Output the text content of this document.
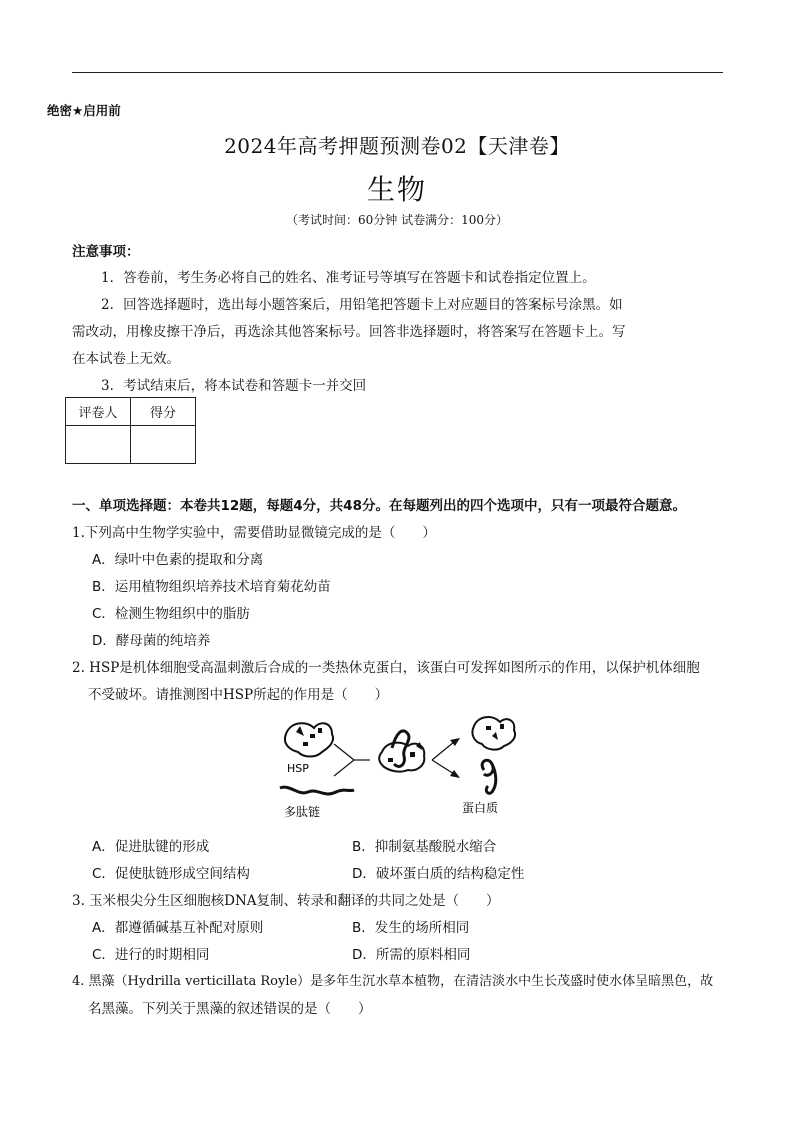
绝密★启用前
2024年高考押题预测卷02【天津卷】
生物
（考试时间：60分钟 试卷满分：100分）
注意事项：
1．答卷前，考生务必将自己的姓名、准考证号等填写在答题卡和试卷指定位置上。
2．回答选择题时，选出每小题答案后，用铅笔把答题卡上对应题目的答案标号涂黑。如
需改动，用橡皮擦干净后，再选涂其他答案标号。回答非选择题时，将答案写在答题卡上。写
在本试卷上无效。
3．考试结束后，将本试卷和答题卡一并交回
评卷人	得分

一、单项选择题：本卷共12题，每题4分，共48分。在每题列出的四个选项中，只有一项最符合题意。
1.下列高中生物学实验中，需要借助显微镜完成的是（　　）
A．绿叶中色素的提取和分离
B．运用植物组织培养技术培育菊花幼苗
C．检测生物组织中的脂肪
D．酵母菌的纯培养
2. HSP是机体细胞受高温刺激后合成的一类热休克蛋白，该蛋白可发挥如图所示的作用，以保护机体细胞
不受破坏。请推测图中HSP所起的作用是（　　）
HSP
多肽链	蛋白质
A．促进肽键的形成	B．抑制氨基酸脱水缩合
C．促使肽链形成空间结构	D．破坏蛋白质的结构稳定性
3. 玉米根尖分生区细胞核DNA复制、转录和翻译的共同之处是（　　）
A．都遵循碱基互补配对原则	B．发生的场所相同
C．进行的时期相同	D．所需的原料相同
4. 黑藻（Hydrilla verticillata Royle）是多年生沉水草本植物，在清洁淡水中生长茂盛时使水体呈暗黑色，故
名黑藻。下列关于黑藻的叙述错误的是（　　）
